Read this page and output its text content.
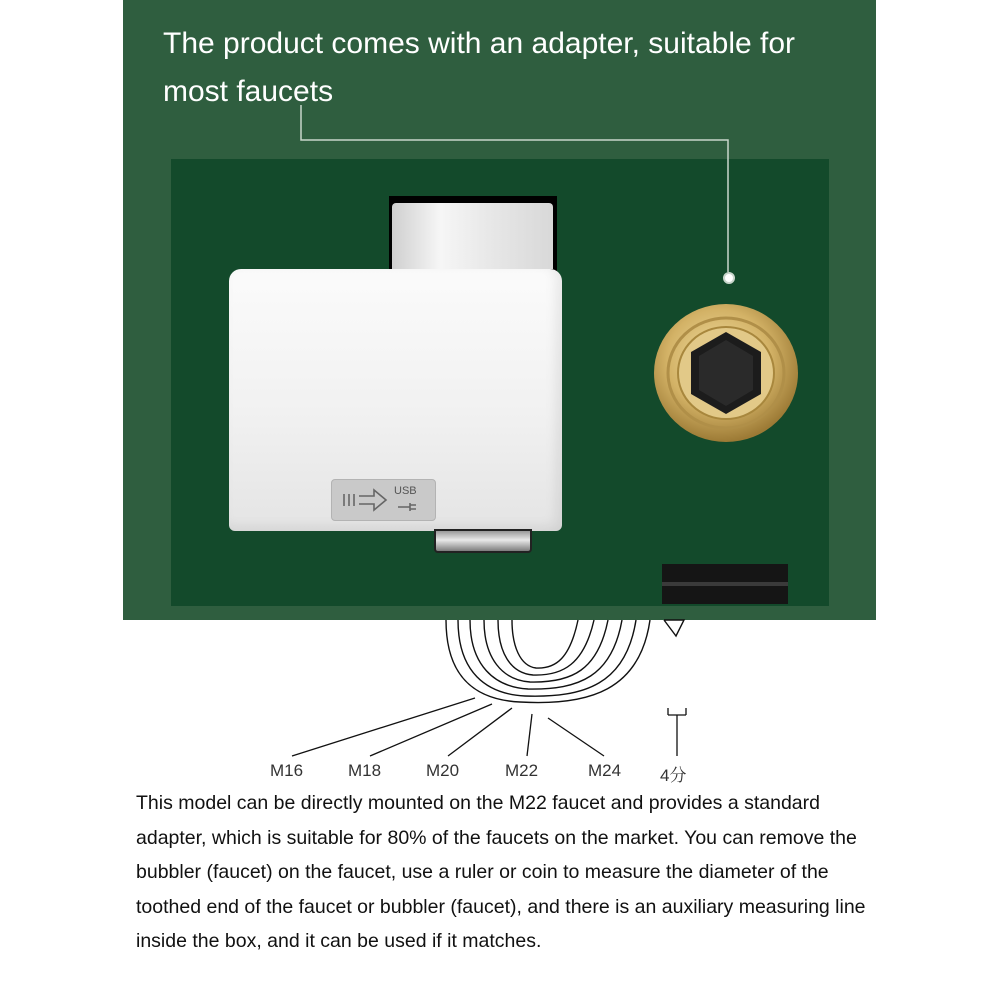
The product comes with an adapter, suitable for most faucets

USB
M16	M18	M20	M22	M24 4分

This model can be directly mounted on the M22 faucet and provides a standard adapter, which is suitable for 80% of the faucets on the market. You can remove the bubbler (faucet) on the faucet, use a ruler or coin to measure the diameter of the toothed end of the faucet or bubbler (faucet), and there is an auxiliary measuring line inside the box, and it can be used if it matches.
